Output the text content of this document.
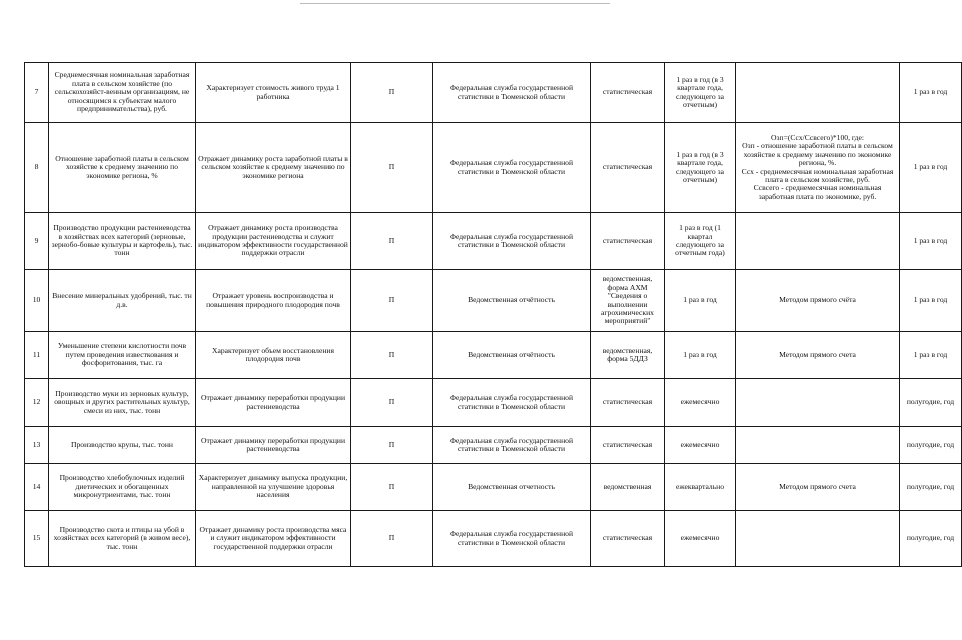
7	Среднемесячная номинальная заработная плата в сельском хозяйстве (по сельскохозяйст-венным организациям, не относящимся к субъектам малого предпринимательства), руб.	Характеризует стоимость живого труда 1 работника	П	Федеральная служба государственной статистики в Тюменской области	статистическая	1 раз в год (в 3 квартале года, следующего за отчетным)		1 раз в год
8	Отношение заработной платы в сельском хозяйстве к среднему значению по экономике региона, %	Отражает динамику роста заработной платы в сельском хозяйстве к среднему значению по экономике региона	П	Федеральная служба государственной статистики в Тюменской области	статистическая	1 раз в год (в 3 квартале года, следующего за отчетным)	Озп=(Ссх/Ссвсего)*100, где:
Озп - отношение заработной платы в сельском хозяйстве к среднему значению по экономике региона, %.
Ссх - среднемесячная номинальная заработная плата в сельском хозяйстве, руб.
Ссвсего - среднемесячная номинальная заработная плата по экономике, руб.	1 раз в год
9	Производство продукции растениеводства в хозяйствах всех категорий (зерновые, зернобо-бовые культуры и картофель), тыс. тонн	Отражает динамику роста производства продукции растениеводства и служит индикатором эффективности государственной поддержки отрасли	П	Федеральная служба государственной статистики в Тюменской области	статистическая	1 раз в год (1 квартал следующего за отчетным года)		1 раз в год
10	Внесение минеральных удобрений, тыс. тн д.в.	Отражает уровень воспроизводства и повышения природного плодородия почв	П	Ведомственная отчётность	ведомственная, форма АХМ "Сведения о выполнении агрохимических мероприятий"	1 раз в год	Методом прямого счёта	1 раз в год
11	Уменьшение степени кислотности почв путем проведения известкования и фосфоритования, тыс. га	Характеризует объем восстановления плодородия почв	П	Ведомственная отчётность	ведомственная, форма 5ДДЗ	1 раз в год	Методом прямого счета	1 раз в год
12	Производство муки из зерновых культур, овощных и других растительных культур, смеси из них, тыс. тонн	Отражает динамику переработки продукции растениеводства	П	Федеральная служба государственной статистики в Тюменской области	статистическая	ежемесячно		полугодие, год
13	Производство крупы, тыс. тонн	Отражает динамику переработки продукции растениеводства	П	Федеральная служба государственной статистики в Тюменской области	статистическая	ежемесячно		полугодие, год
14	Производство хлебобулочных изделий диетических и обогащенных микронутриентами, тыс. тонн	Характеризует динамику выпуска продукции, направленной на улучшение здоровья населения	П	Ведомственная отчетность	ведомственная	ежеквартально	Методом прямого счета	полугодие, год
15	Производство скота и птицы на убой в хозяйствах всех категорий (в живом весе), тыс. тонн	Отражает динамику роста производства мяса и служит индикатором эффективности государственной поддержки отрасли	П	Федеральная служба государственной статистики в Тюменской области	статистическая	ежемесячно		полугодие, год
